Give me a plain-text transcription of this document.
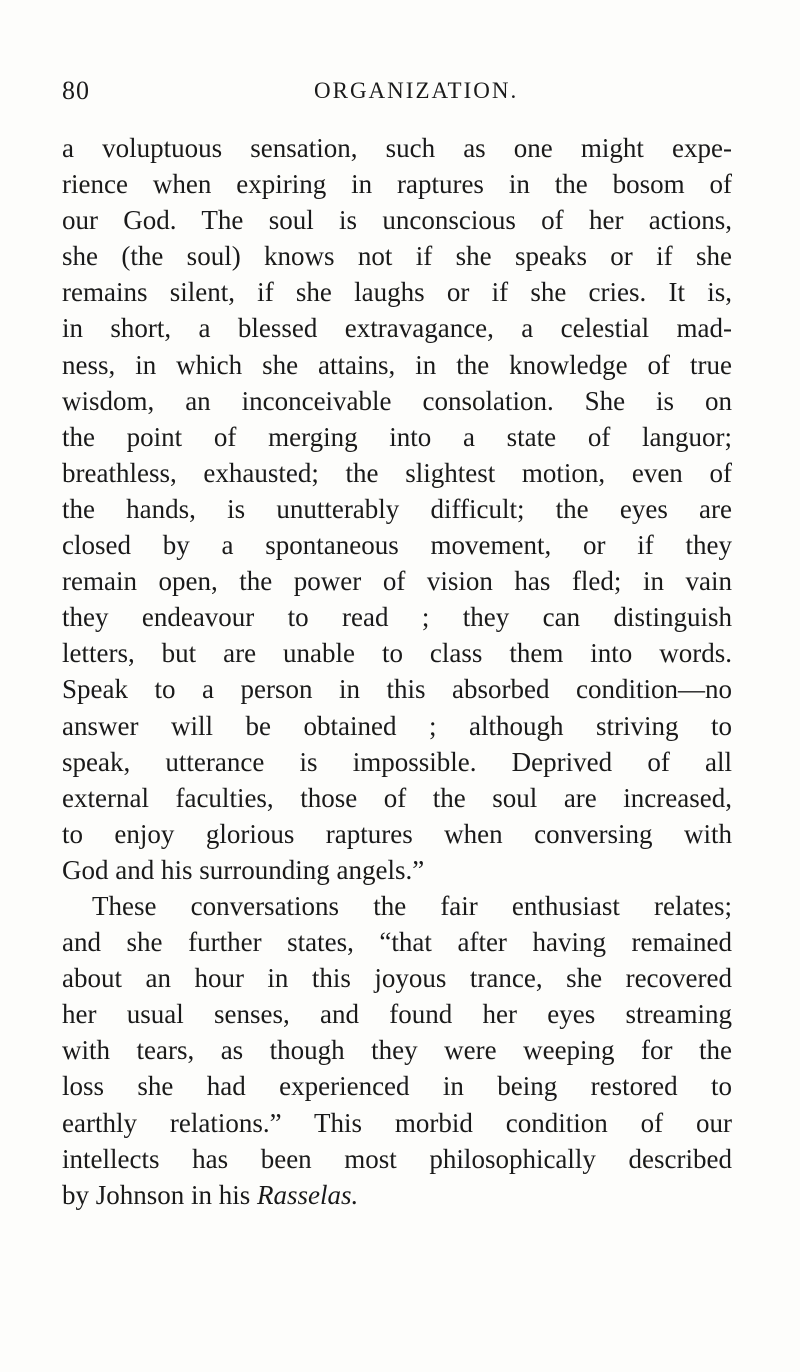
80	ORGANIZATION.
a voluptuous sensation, such as one might expe-
rience when expiring in raptures in the bosom of
our God. The soul is unconscious of her actions,
she (the soul) knows not if she speaks or if she
remains silent, if she laughs or if she cries. It is,
in short, a blessed extravagance, a celestial mad-
ness, in which she attains, in the knowledge of true
wisdom, an inconceivable consolation. She is on
the point of merging into a state of languor;
breathless, exhausted; the slightest motion, even of
the hands, is unutterably difficult; the eyes are
closed by a spontaneous movement, or if they
remain open, the power of vision has fled; in vain
they endeavour to read ; they can distinguish
letters, but are unable to class them into words.
Speak to a person in this absorbed condition—no
answer will be obtained ; although striving to
speak, utterance is impossible. Deprived of all
external faculties, those of the soul are increased,
to enjoy glorious raptures when conversing with
God and his surrounding angels.”
These conversations the fair enthusiast relates;
and she further states, “that after having remained
about an hour in this joyous trance, she recovered
her usual senses, and found her eyes streaming
with tears, as though they were weeping for the
loss she had experienced in being restored to
earthly relations.” This morbid condition of our
intellects has been most philosophically described
by Johnson in his Rasselas.
